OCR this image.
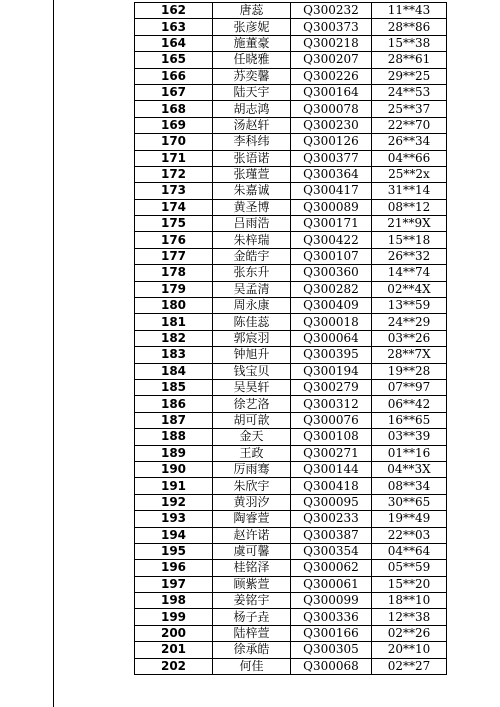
162	唐蕊	Q300232	11**43
163	张彦妮	Q300373	28**86
164	施董豪	Q300218	15**38
165	任晓雅	Q300207	28**61
166	苏奕馨	Q300226	29**25
167	陆天宇	Q300164	24**53
168	胡志鸿	Q300078	25**37
169	汤赵轩	Q300230	22**70
170	李科纬	Q300126	26**34
171	张语诺	Q300377	04**66
172	张瑾萱	Q300364	25**2x
173	朱嘉诚	Q300417	31**14
174	黄圣博	Q300089	08**12
175	吕雨浩	Q300171	21**9X
176	朱梓瑞	Q300422	15**18
177	金皓宇	Q300107	26**32
178	张东升	Q300360	14**74
179	吴孟清	Q300282	02**4X
180	周永康	Q300409	13**59
181	陈佳蕊	Q300018	24**29
182	郭宸羽	Q300064	03**26
183	钟旭升	Q300395	28**7X
184	钱宝贝	Q300194	19**28
185	吴昊轩	Q300279	07**97
186	徐艺洛	Q300312	06**42
187	胡可歆	Q300076	16**65
188	金天	Q300108	03**39
189	王政	Q300271	01**16
190	厉雨骞	Q300144	04**3X
191	朱欣宇	Q300418	08**34
192	黄羽汐	Q300095	30**65
193	陶睿萱	Q300233	19**49
194	赵许诺	Q300387	22**03
195	虞可馨	Q300354	04**64
196	桂铭泽	Q300062	05**59
197	顾紫萱	Q300061	15**20
198	姜铭宇	Q300099	18**10
199	杨子垚	Q300336	12**38
200	陆梓萱	Q300166	02**26
201	徐承皓	Q300305	20**10
202	何佳	Q300068	02**27
